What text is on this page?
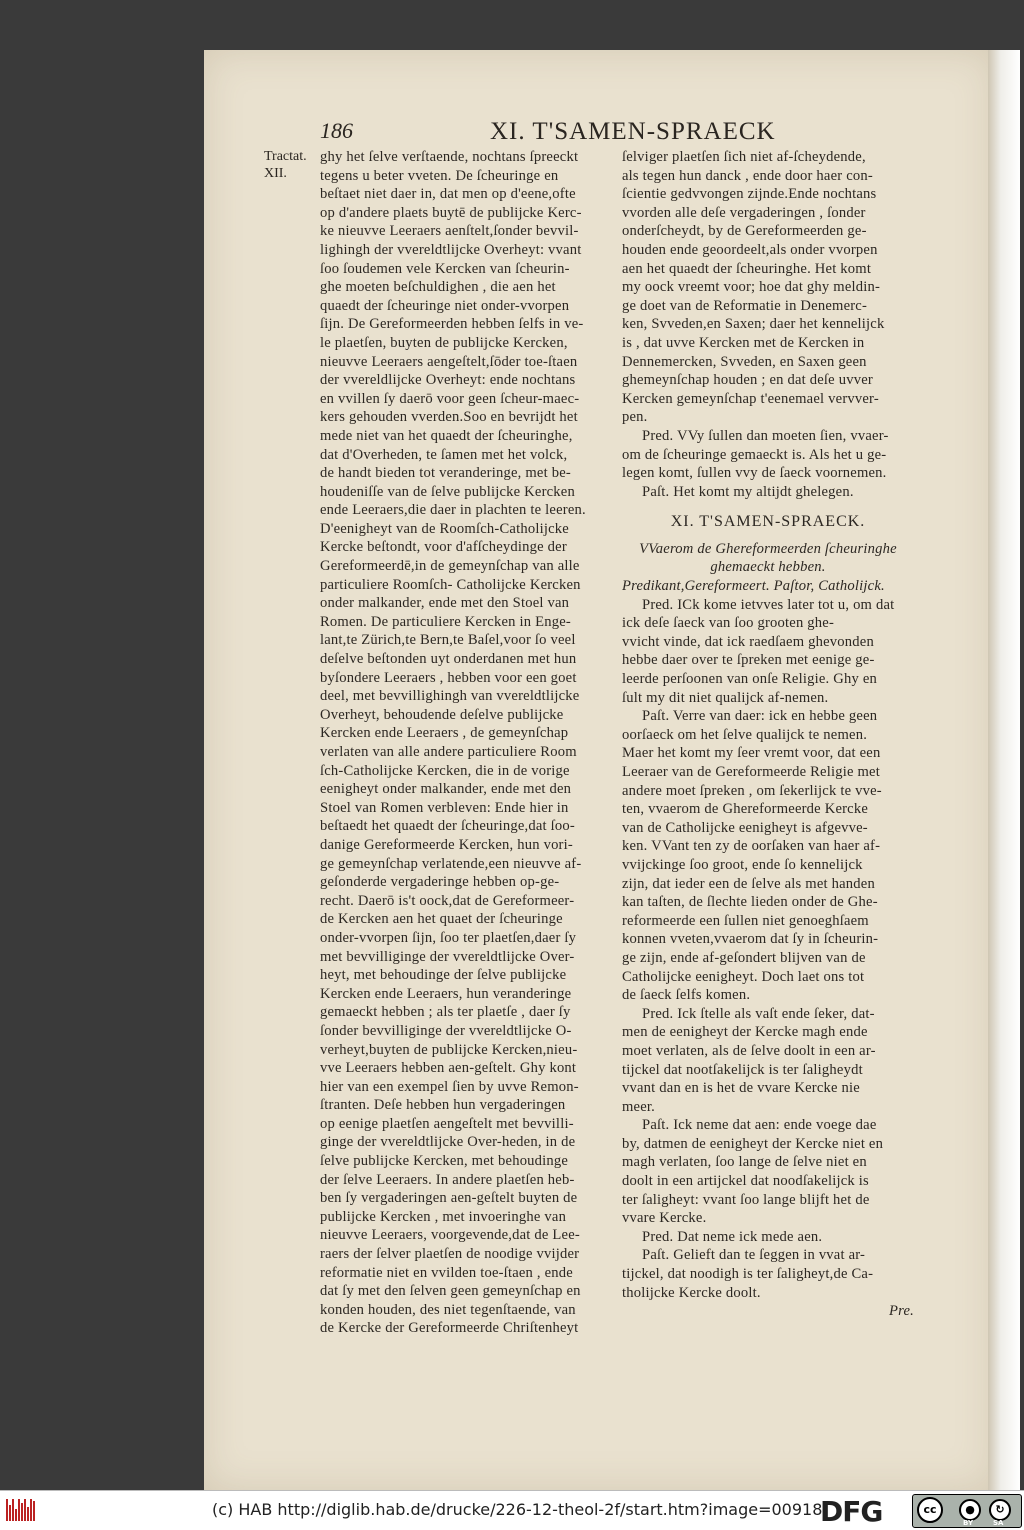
186	XI. T'SAMEN-SPRAECK
Tractat.
XII.

ghy het ſelve verſtaende, nochtans ſpreeckt

tegens u beter vveten. De ſcheuringe en

beſtaet niet daer in, dat men op d'eene,ofte

op d'andere plaets buytē de publijcke Kerc-

ke nieuvve Leeraers aenſtelt,ſonder bevvil-

lighingh der vvereldtlijcke Overheyt: vvant

ſoo ſoudemen vele Kercken van ſcheurin-

ghe moeten beſchuldighen , die aen het

quaedt der ſcheuringe niet onder-vvorpen

ſijn. De Gereformeerden hebben ſelfs in ve-

le plaetſen, buyten de publijcke Kercken,

nieuvve Leeraers aengeſtelt,ſōder toe-ſtaen

der vvereldlijcke Overheyt: ende nochtans

en vvillen ſy daerō voor geen ſcheur-maec-

kers gehouden vverden.Soo en bevrijdt het

mede niet van het quaedt der ſcheuringhe,

dat d'Overheden, te ſamen met het volck,

de handt bieden tot veranderinge, met be-

houdeniſſe van de ſelve publijcke Kercken

ende Leeraers,die daer in plachten te leeren.

D'eenigheyt van de Roomſch-Catholijcke

Kercke beſtondt, voor d'afſcheydinge der

Gereformeerdē,in de gemeynſchap van alle

particuliere Roomſch- Catholijcke Kercken

onder malkander, ende met den Stoel van

Romen. De particuliere Kercken in Enge-

lant,te Zürich,te Bern,te Baſel,voor ſo veel

deſelve beſtonden uyt onderdanen met hun

byſondere Leeraers , hebben voor een goet

deel, met bevvillighingh van vvereldtlijcke

Overheyt, behoudende deſelve publijcke

Kercken ende Leeraers , de gemeynſchap

verlaten van alle andere particuliere Room

ſch-Catholijcke Kercken, die in de vorige

eenigheyt onder malkander, ende met den

Stoel van Romen verbleven: Ende hier in

beſtaedt het quaedt der ſcheuringe,dat ſoo-

danige Gereformeerde Kercken, hun vori-

ge gemeynſchap verlatende,een nieuvve af-

geſonderde vergaderinge hebben op-ge-

recht. Daerō is't oock,dat de Gereformeer-

de Kercken aen het quaet der ſcheuringe

onder-vvorpen ſijn, ſoo ter plaetſen,daer ſy

met bevvilliginge der vvereldtlijcke Over-

heyt, met behoudinge der ſelve publijcke

Kercken ende Leeraers, hun veranderinge

gemaeckt hebben ; als ter plaetſe , daer ſy

ſonder bevvilliginge der vvereldtlijcke O-

verheyt,buyten de publijcke Kercken,nieu-

vve Leeraers hebben aen-geſtelt. Ghy kont

hier van een exempel ſien by uvve Remon-

ſtranten. Deſe hebben hun vergaderingen

op eenige plaetſen aengeſtelt met bevvilli-

ginge der vvereldtlijcke Over-heden, in de

ſelve publijcke Kercken, met behoudinge

der ſelve Leeraers. In andere plaetſen heb-

ben ſy vergaderingen aen-geſtelt buyten de

publijcke Kercken , met invoeringhe van

nieuvve Leeraers, voorgevende,dat de Lee-

raers der ſelver plaetſen de noodige vvijder

reformatie niet en vvilden toe-ſtaen , ende

dat ſy met den ſelven geen gemeynſchap en

konden houden, des niet tegenſtaende, van

de Kercke der Gereformeerde Chriſtenheyt

ſelviger plaetſen ſich niet af-ſcheydende,

als tegen hun danck , ende door haer con-

ſcientie gedvvongen zijnde.Ende nochtans

vvorden alle deſe vergaderingen , ſonder

onderſcheydt, by de Gereformeerden ge-

houden ende geoordeelt,als onder vvorpen

aen het quaedt der ſcheuringhe. Het komt

my oock vreemt voor; hoe dat ghy meldin-

ge doet van de Reformatie in Denemerc-

ken, Svveden,en Saxen; daer het kennelijck

is , dat uvve Kercken met de Kercken in

Dennemercken, Svveden, en Saxen geen

ghemeynſchap houden ; en dat deſe uvver

Kercken gemeynſchap t'eenemael vervver-

pen.

Pred. VVy ſullen dan moeten ſien, vvaer-

om de ſcheuringe gemaeckt is. Als het u ge-

legen komt, ſullen vvy de ſaeck voornemen.

Paſt. Het komt my altijdt ghelegen.

XI. T'SAMEN-SPRAECK.

VVaerom de Ghereformeerden ſcheuringhe

ghemaeckt hebben.

Predikant,Gereformeert. Paſtor, Catholijck.

Pred. ICk kome ietvves later tot u, om dat

ick deſe ſaeck van ſoo grooten ghe-

vvicht vinde, dat ick raedſaem ghevonden

hebbe daer over te ſpreken met eenige ge-

leerde perſoonen van onſe Religie. Ghy en

ſult my dit niet qualijck af-nemen.

Paſt. Verre van daer: ick en hebbe geen

oorſaeck om het ſelve qualijck te nemen.

Maer het komt my ſeer vremt voor, dat een

Leeraer van de Gereformeerde Religie met

andere moet ſpreken , om ſekerlijck te vve-

ten, vvaerom de Ghereformeerde Kercke

van de Catholijcke eenigheyt is afgevve-

ken. VVant ten zy de oorſaken van haer af-

vvijckinge ſoo groot, ende ſo kennelijck

zijn, dat ieder een de ſelve als met handen

kan taſten, de ſlechte lieden onder de Ghe-

reformeerde een ſullen niet genoeghſaem

konnen vveten,vvaerom dat ſy in ſcheurin-

ge zijn, ende af-geſondert blijven van de

Catholijcke eenigheyt. Doch laet ons tot

de ſaeck ſelfs komen.

Pred. Ick ſtelle als vaſt ende ſeker, dat-

men de eenigheyt der Kercke magh ende

moet verlaten, als de ſelve doolt in een ar-

tijckel dat nootſakelijck is ter ſaligheydt

vvant dan en is het de vvare Kercke nie

meer.

Paſt. Ick neme dat aen: ende voege dae

by, datmen de eenigheyt der Kercke niet en

magh verlaten, ſoo lange de ſelve niet en

doolt in een artijckel dat noodſakelijck is

ter ſaligheyt: vvant ſoo lange blijft het de

vvare Kercke.

Pred. Dat neme ick mede aen.

Paſt. Gelieft dan te ſeggen in vvat ar-

tijckel, dat noodigh is ter ſaligheyt,de Ca-

tholijcke Kercke doolt.

Pre.

(c) HAB http://diglib.hab.de/drucke/226-12-theol-2f/start.htm?image=00918
DFG	cc	●	↻
BY	SA
